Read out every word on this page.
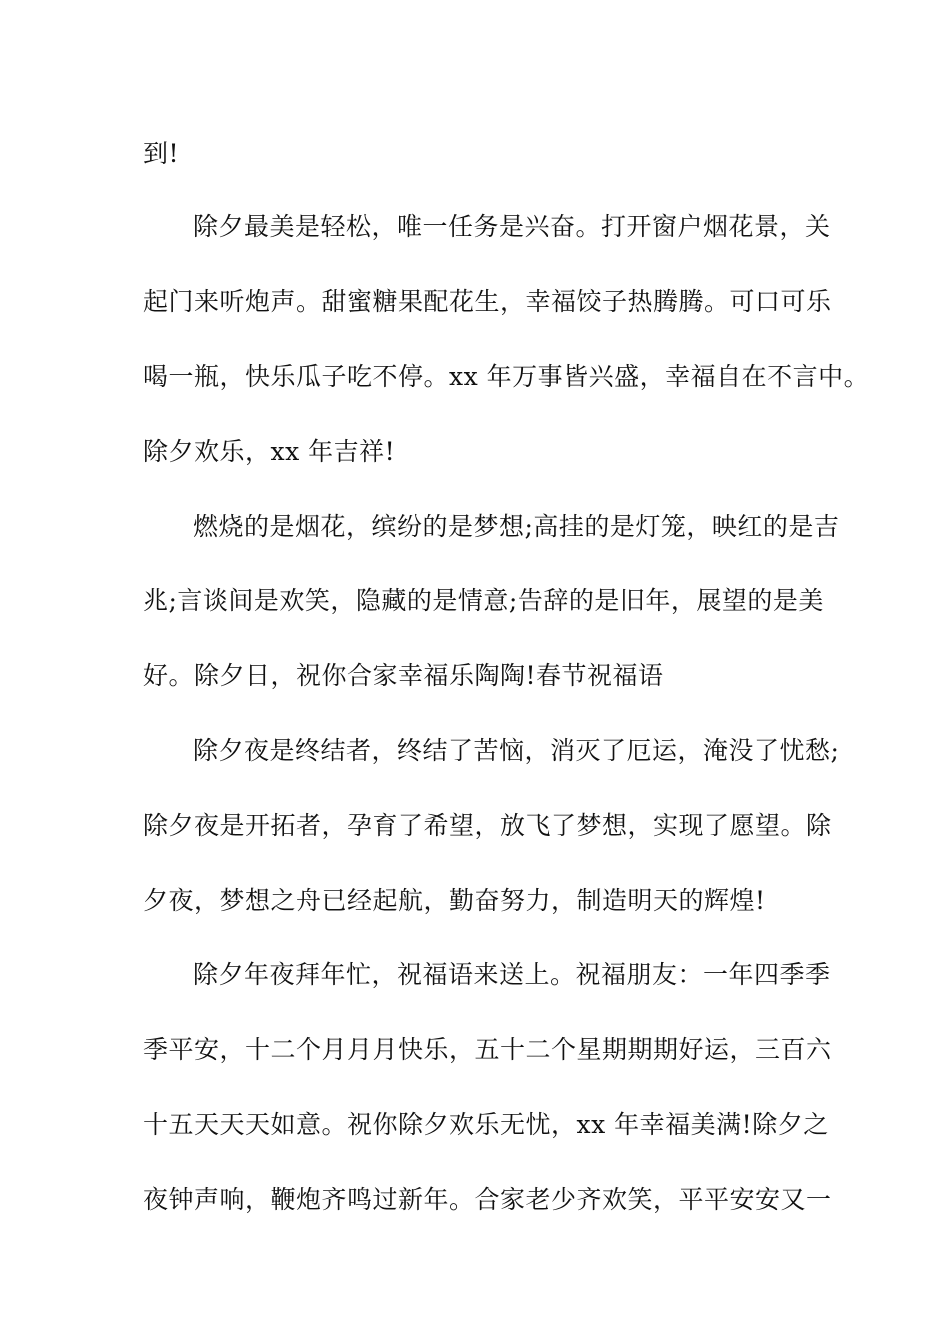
到!
除夕最美是轻松，唯一任务是兴奋。打开窗户烟花景，关
起门来听炮声。甜蜜糖果配花生，幸福饺子热腾腾。可口可乐
喝一瓶，快乐瓜子吃不停。xx 年万事皆兴盛，幸福自在不言中。
除夕欢乐，xx 年吉祥!
燃烧的是烟花，缤纷的是梦想;高挂的是灯笼，映红的是吉
兆;言谈间是欢笑，隐藏的是情意;告辞的是旧年，展望的是美
好。除夕日，祝你合家幸福乐陶陶!春节祝福语
除夕夜是终结者，终结了苦恼，消灭了厄运，淹没了忧愁;
除夕夜是开拓者，孕育了希望，放飞了梦想，实现了愿望。除
夕夜，梦想之舟已经起航，勤奋努力，制造明天的辉煌!
除夕年夜拜年忙，祝福语来送上。祝福朋友：一年四季季
季平安，十二个月月月快乐，五十二个星期期期好运，三百六
十五天天天如意。祝你除夕欢乐无忧，xx 年幸福美满!除夕之
夜钟声响，鞭炮齐鸣过新年。合家老少齐欢笑，平平安安又一
